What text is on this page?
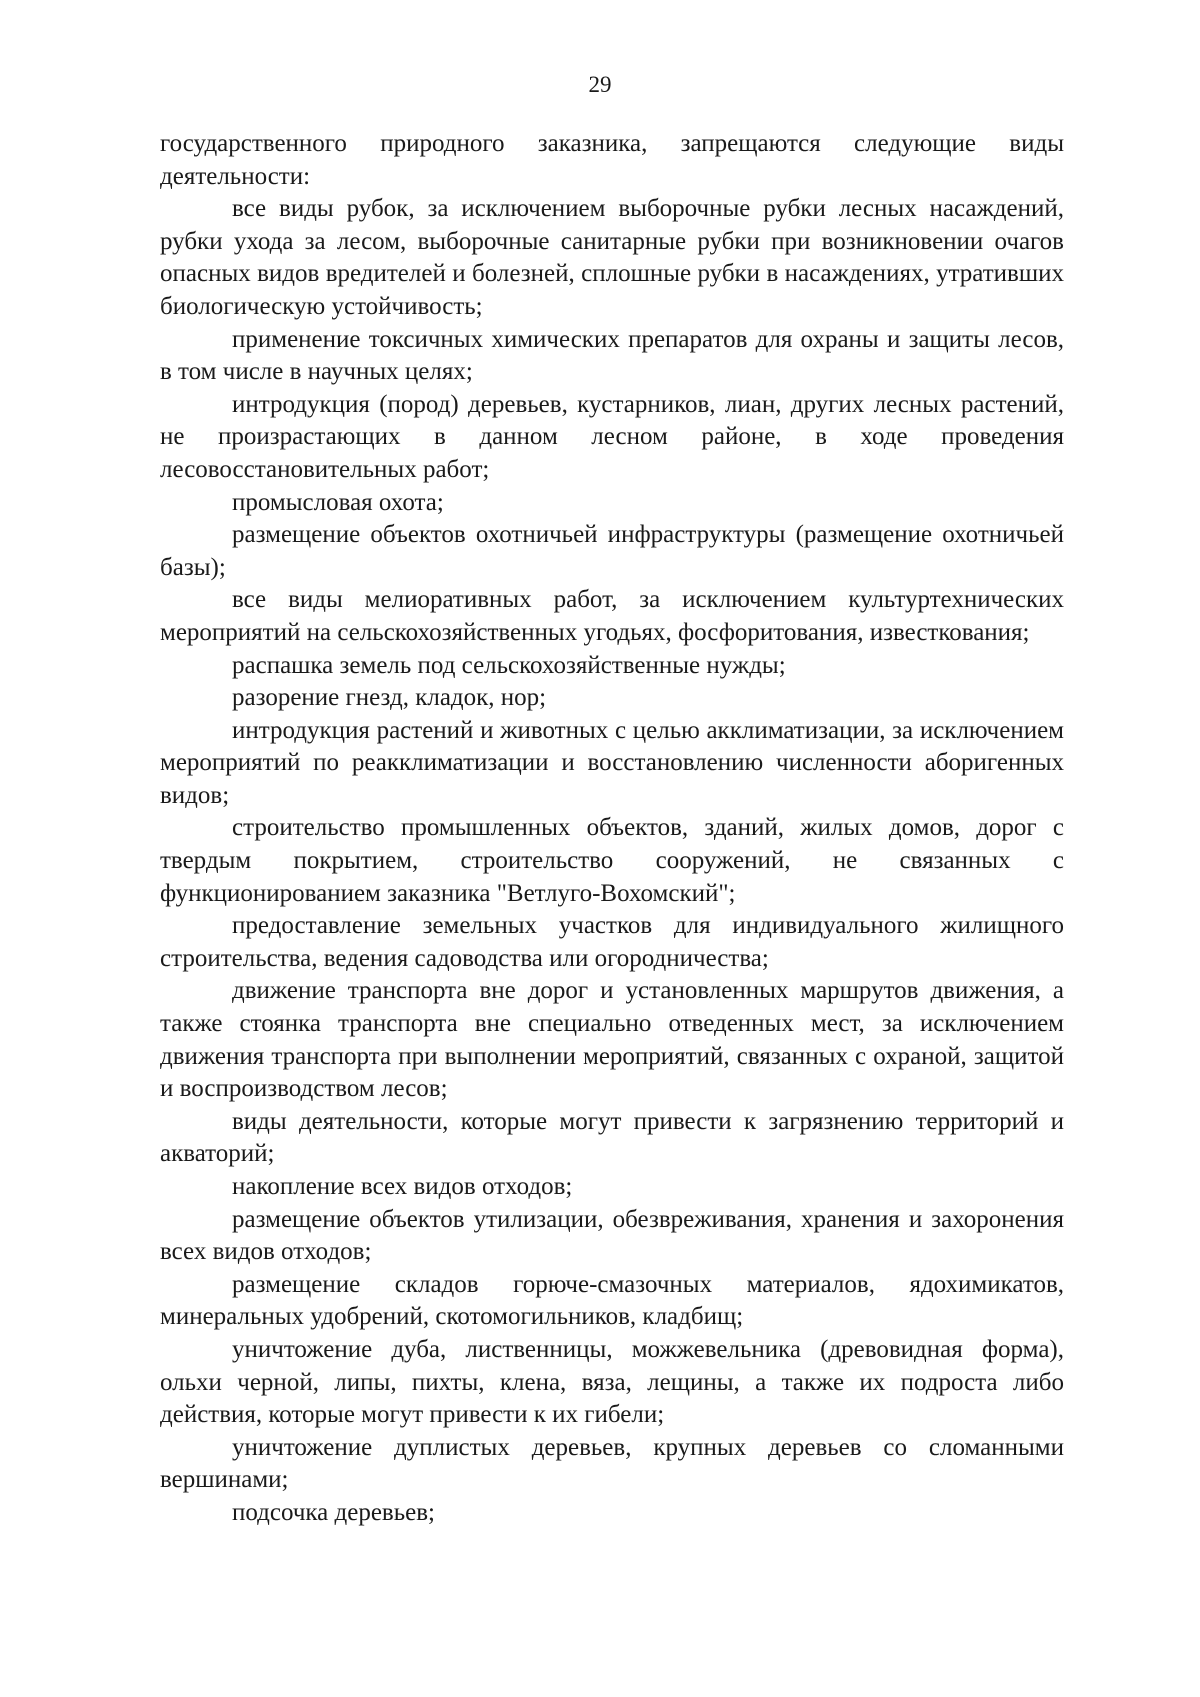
29

государственного природного заказника, запрещаются следующие виды деятельности:

все виды рубок, за исключением выборочные рубки лесных насаждений, рубки ухода за лесом, выборочные санитарные рубки при возникновении очагов опасных видов вредителей и болезней, сплошные рубки в насаждениях, утративших биологическую устойчивость;

применение токсичных химических препаратов для охраны и защиты лесов, в том числе в научных целях;

интродукция (пород) деревьев, кустарников, лиан, других лесных растений, не произрастающих в данном лесном районе, в ходе проведения лесовосстановительных работ;

промысловая охота;

размещение объектов охотничьей инфраструктуры (размещение охотничьей базы);

все виды мелиоративных работ, за исключением культуртехнических мероприятий на сельскохозяйственных угодьях, фосфоритования, известкования;

распашка земель под сельскохозяйственные нужды;

разорение гнезд, кладок, нор;

интродукция растений и животных с целью акклиматизации, за исключением мероприятий по реакклиматизации и восстановлению численности аборигенных видов;

строительство промышленных объектов, зданий, жилых домов, дорог с твердым покрытием, строительство сооружений, не связанных с функционированием заказника "Ветлуго-Вохомский";

предоставление земельных участков для индивидуального жилищного строительства, ведения садоводства или огородничества;

движение транспорта вне дорог и установленных маршрутов движения, а также стоянка транспорта вне специально отведенных мест, за исключением движения транспорта при выполнении мероприятий, связанных с охраной, защитой и воспроизводством лесов;

виды деятельности, которые могут привести к загрязнению территорий и акваторий;

накопление всех видов отходов;

размещение объектов утилизации, обезвреживания, хранения и захоронения всех видов отходов;

размещение складов горюче-смазочных материалов, ядохимикатов, минеральных удобрений, скотомогильников, кладбищ;

уничтожение дуба, лиственницы, можжевельника (древовидная форма), ольхи черной, липы, пихты, клена, вяза, лещины, а также их подроста либо действия, которые могут привести к их гибели;

уничтожение дуплистых деревьев, крупных деревьев со сломанными вершинами;

подсочка деревьев;
